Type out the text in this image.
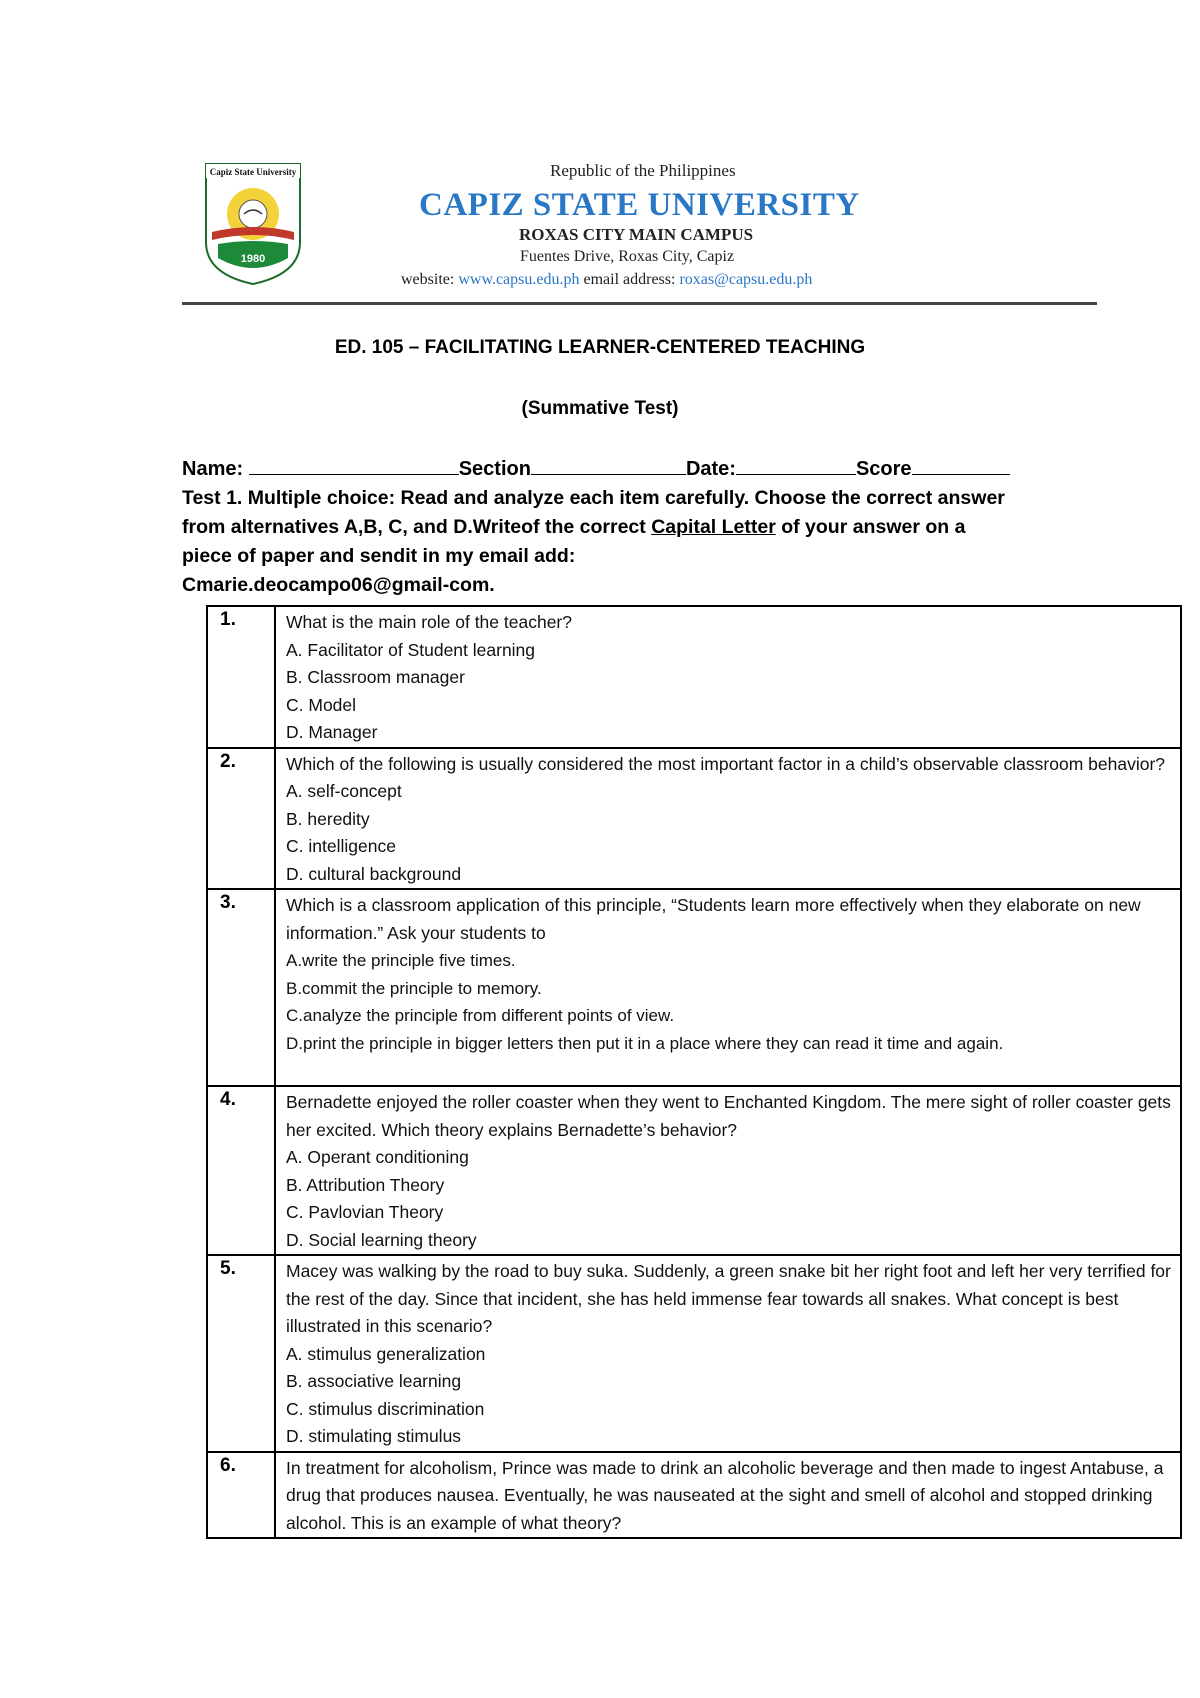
Capiz State University
1980
Republic of the Philippines
CAPIZ STATE UNIVERSITY
ROXAS CITY MAIN CAMPUS
Fuentes Drive, Roxas City, Capiz
website: www.capsu.edu.ph email address: roxas@capsu.edu.ph
ED. 105 – FACILITATING LEARNER-CENTERED TEACHING
(Summative Test)
Name:	Section	Date:	Score
Test 1. Multiple choice: Read and analyze each item carefully. Choose the correct answer from alternatives A,B, C, and D.Writeof the correct Capital Letter of your answer on a piece of paper and sendit in my email add:
Cmarie.deocampo06@gmail-com.
1.	What is the main role of the teacher?
A. Facilitator of Student learning
B. Classroom manager
C. Model
D. Manager

2.	Which of the following is usually considered the most important factor in a child’s observable classroom behavior?
A. self-concept
B. heredity
C. intelligence
D. cultural background

3.	Which is a classroom application of this principle, “Students learn more effectively when they elaborate on new information.” Ask your students to
A.write the principle five times.
B.commit the principle to memory.
C.analyze the principle from different points of view.
D.print the principle in bigger letters then put it in a place where they can read it time and again.

4.	Bernadette enjoyed the roller coaster when they went to Enchanted Kingdom. The mere sight of roller coaster gets her excited. Which theory explains Bernadette’s behavior?
A. Operant conditioning
B. Attribution Theory
C. Pavlovian Theory
D. Social learning theory

5.	Macey was walking by the road to buy suka. Suddenly, a green snake bit her right foot and left her very terrified for the rest of the day. Since that incident, she has held immense fear towards all snakes. What concept is best illustrated in this scenario?
A. stimulus generalization
B. associative learning
C. stimulus discrimination
D. stimulating stimulus

6.	In treatment for alcoholism, Prince was made to drink an alcoholic beverage and then made to ingest Antabuse, a drug that produces nausea. Eventually, he was nauseated at the sight and smell of alcohol and stopped drinking alcohol. This is an example of what theory?
